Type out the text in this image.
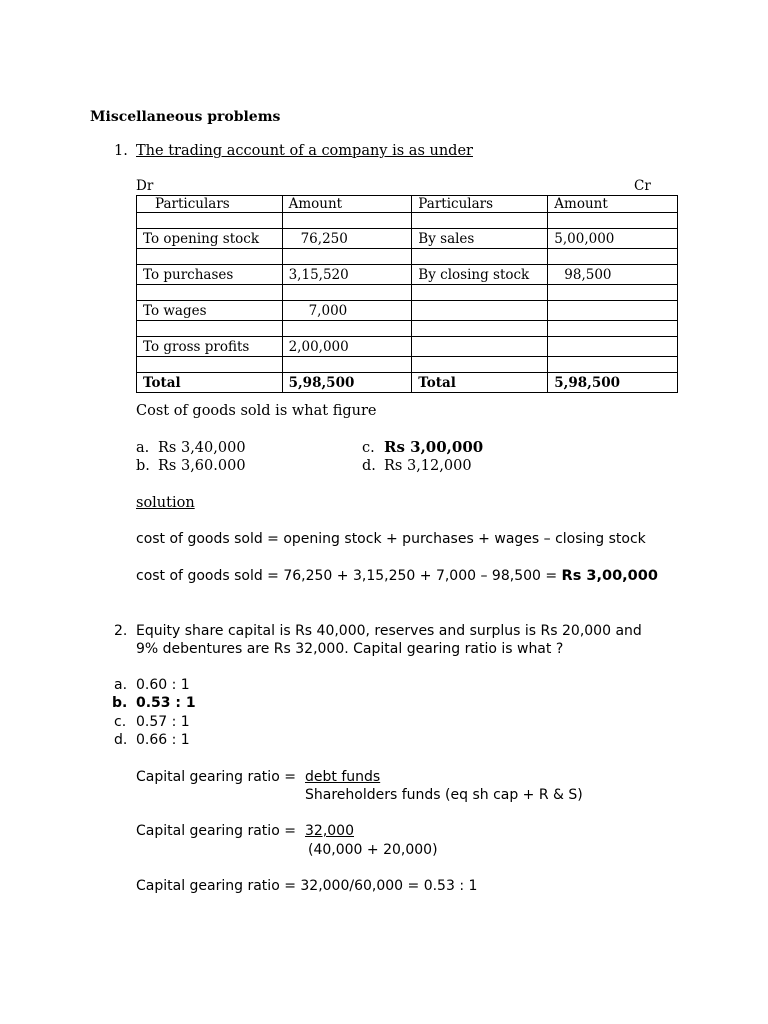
Miscellaneous problems
1. The trading account of a company is as under
Dr	Cr
Particulars	Amount	Particulars	Amount

To opening stock	76,250	By sales	5,00,000

To purchases	3,15,520	By closing stock	98,500

To wages	7,000		

To gross profits	2,00,000		

Total	5,98,500	Total	5,98,500
Cost of goods sold is what figure
a. Rs 3,40,000
b. Rs 3,60.000
c. Rs 3,00,000
d. Rs 3,12,000
solution
cost of goods sold = opening stock + purchases + wages – closing stock
cost of goods sold = 76,250 + 3,15,250 + 7,000 – 98,500 = Rs 3,00,000
2. Equity share capital is Rs 40,000, reserves and surplus is Rs 20,000 and
9% debentures are Rs 32,000. Capital gearing ratio is what ?
a. 0.60 : 1
b. 0.53 : 1
c. 0.57 : 1
d. 0.66 : 1
Capital gearing ratio = debt funds
Shareholders funds (eq sh cap + R & S)
Capital gearing ratio = 32,000
(40,000 + 20,000)
Capital gearing ratio = 32,000/60,000 = 0.53 : 1
